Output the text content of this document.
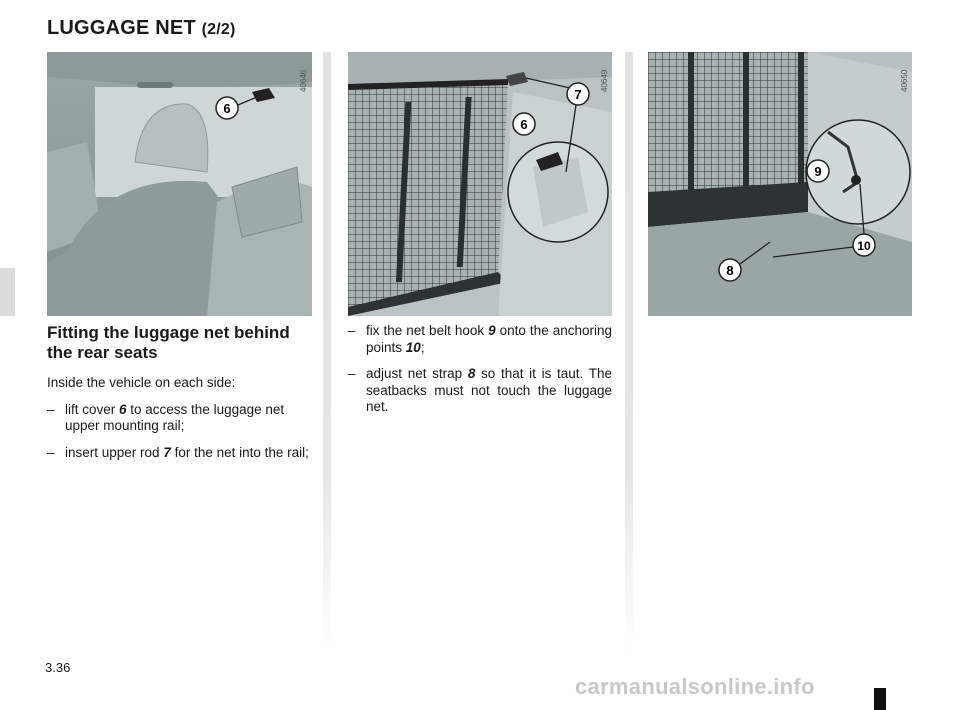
LUGGAGE NET (2/2)
6
40646
7
6
40649
9
10
8
40650
Fitting the luggage net behind the rear seats
Inside the vehicle on each side:
– lift cover 6 to access the luggage net upper mounting rail;
– insert upper rod 7 for the net into the rail;
– fix the net belt hook 9 onto the anchoring points 10;
– adjust net strap 8 so that it is taut. The seatbacks must not touch the luggage net.
3.36
carmanualsonline.info
